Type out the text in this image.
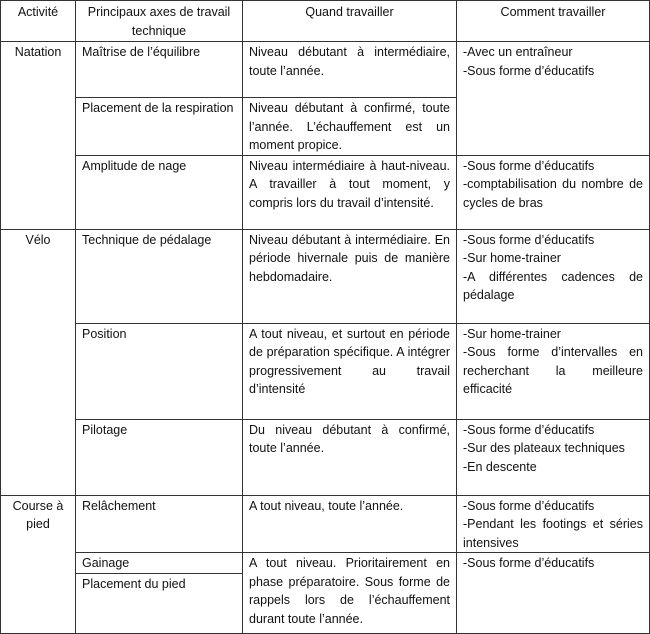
Activité	Principaux axes de travail technique	Quand travailler	Comment travailler
Natation	Maîtrise de l’équilibre	Niveau débutant à intermédiaire, toute l’année.	-Avec un entraîneur
-Sous forme d’éducatifs

	Placement de la respiration	Niveau débutant à confirmé, toute l’année. L’échauffement est un moment propice.	
	Amplitude de nage	Niveau intermédiaire à haut-niveau. A travailler à tout moment, y compris lors du travail d’intensité.	-Sous forme d’éducatifs
-comptabilisation du nombre de cycles de bras

Vélo	Technique de pédalage	Niveau débutant à intermédiaire. En période hivernale puis de manière hebdomadaire.	-Sous forme d’éducatifs
-Sur home-trainer
-A différentes cadences de pédalage

	Position	A tout niveau, et surtout en période de préparation spécifique. A intégrer progressivement au travail d’intensité	-Sur home-trainer
-Sous forme d’intervalles en recherchant la meilleure efficacité

	Pilotage	Du niveau débutant à confirmé, toute l’année.	-Sous forme d’éducatifs
-Sur des plateaux techniques
-En descente

Course à pied	Relâchement	A tout niveau, toute l’année.	-Sous forme d’éducatifs
-Pendant les footings et séries intensives

	Gainage	A tout niveau. Prioritairement en phase préparatoire. Sous forme de rappels lors de l’échauffement durant toute l’année.	-Sous forme d’éducatifs

	Placement du pied		
